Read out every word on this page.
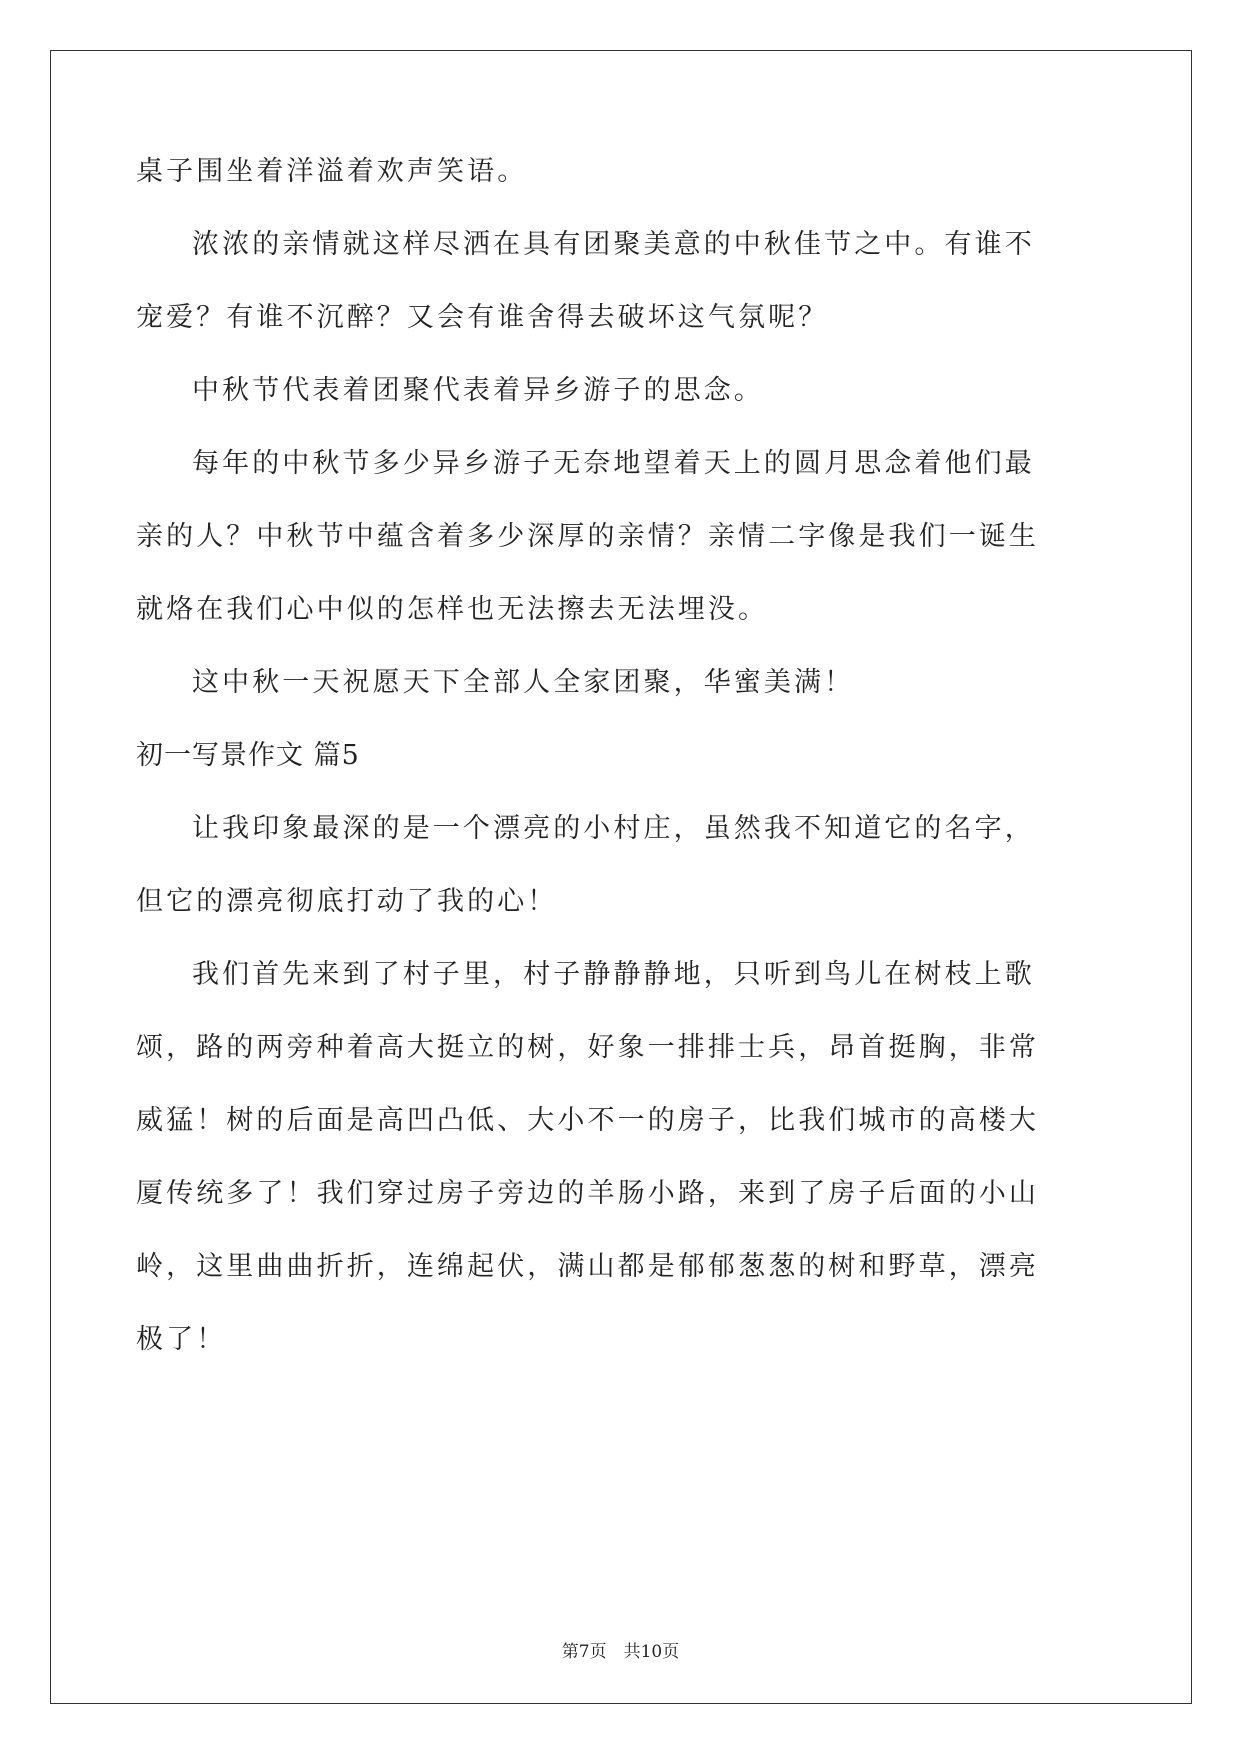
桌子围坐着洋溢着欢声笑语。
浓浓的亲情就这样尽洒在具有团聚美意的中秋佳节之中。有谁不
宠爱？有谁不沉醉？又会有谁舍得去破坏这气氛呢？
中秋节代表着团聚代表着异乡游子的思念。
每年的中秋节多少异乡游子无奈地望着天上的圆月思念着他们最
亲的人？中秋节中蕴含着多少深厚的亲情？亲情二字像是我们一诞生
就烙在我们心中似的怎样也无法擦去无法埋没。
这中秋一天祝愿天下全部人全家团聚，华蜜美满！
初一写景作文 篇5
让我印象最深的是一个漂亮的小村庄，虽然我不知道它的名字，
但它的漂亮彻底打动了我的心！
我们首先来到了村子里，村子静静静地，只听到鸟儿在树枝上歌
颂，路的两旁种着高大挺立的树，好象一排排士兵，昂首挺胸，非常
威猛！树的后面是高凹凸低、大小不一的房子，比我们城市的高楼大
厦传统多了！我们穿过房子旁边的羊肠小路，来到了房子后面的小山
岭，这里曲曲折折，连绵起伏，满山都是郁郁葱葱的树和野草，漂亮
极了！
第7页　共10页
